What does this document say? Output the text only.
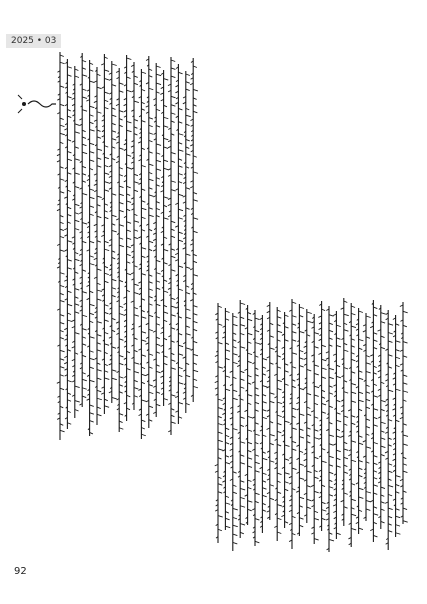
2025 • 03
92
